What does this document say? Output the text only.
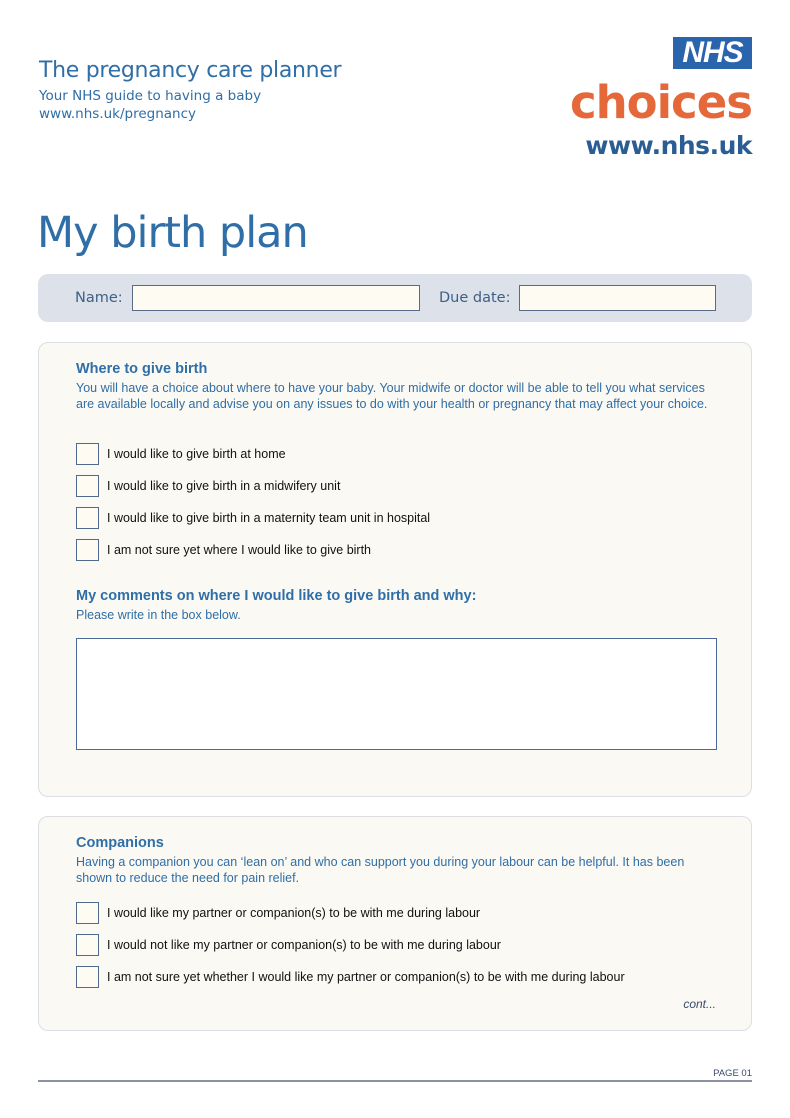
The pregnancy care planner
Your NHS guide to having a baby
www.nhs.uk/pregnancy
NHS
choices
www.nhs.uk
My birth plan
Name:	Due date:
Where to give birth
You will have a choice about where to have your baby. Your midwife or doctor will be able to tell you what services are available locally and advise you on any issues to do with your health or pregnancy that may affect your choice.
I would like to give birth at home
I would like to give birth in a midwifery unit
I would like to give birth in a maternity team unit in hospital
I am not sure yet where I would like to give birth
My comments on where I would like to give birth and why:
Please write in the box below.
Companions
Having a companion you can ‘lean on’ and who can support you during your labour can be helpful. It has been shown to reduce the need for pain relief.
I would like my partner or companion(s) to be with me during labour
I would not like my partner or companion(s) to be with me during labour
I am not sure yet whether I would like my partner or companion(s) to be with me during labour
cont...
PAGE 01
